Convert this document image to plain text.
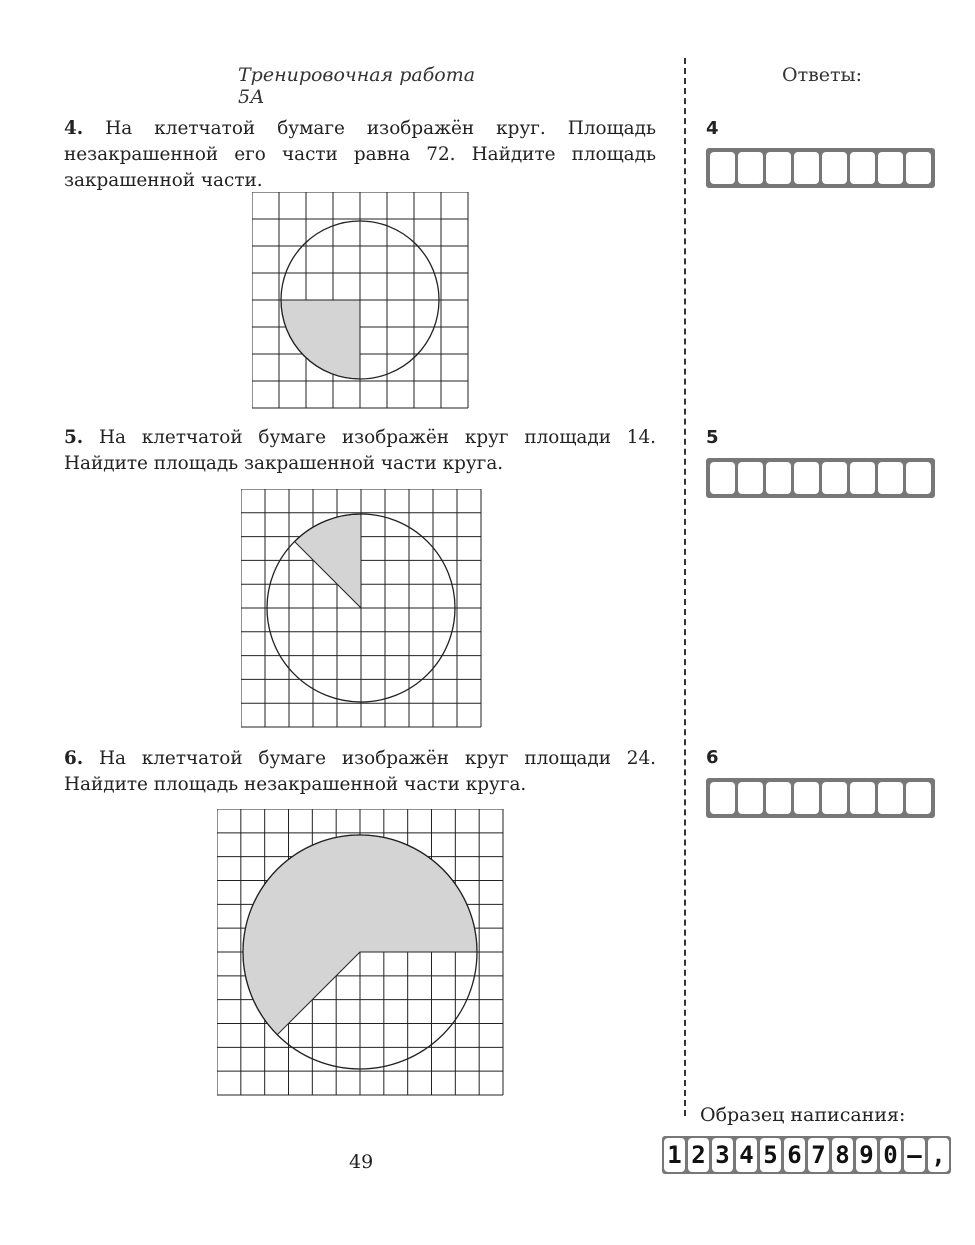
Тренировочная работа 5А
Ответы:
4. На клетчатой бумаге изображён круг. Площадь незакрашенной его части равна 72. Найдите площадь закрашенной части.
5. На клетчатой бумаге изображён круг площади 14. Найдите площадь закрашенной части круга.
6. На клетчатой бумаге изображён круг площади 24. Найдите площадь незакрашенной части круга.
4
5
6
Образец написания:
1 2 3 4 5 6 7 8 9 0 – ,
49
